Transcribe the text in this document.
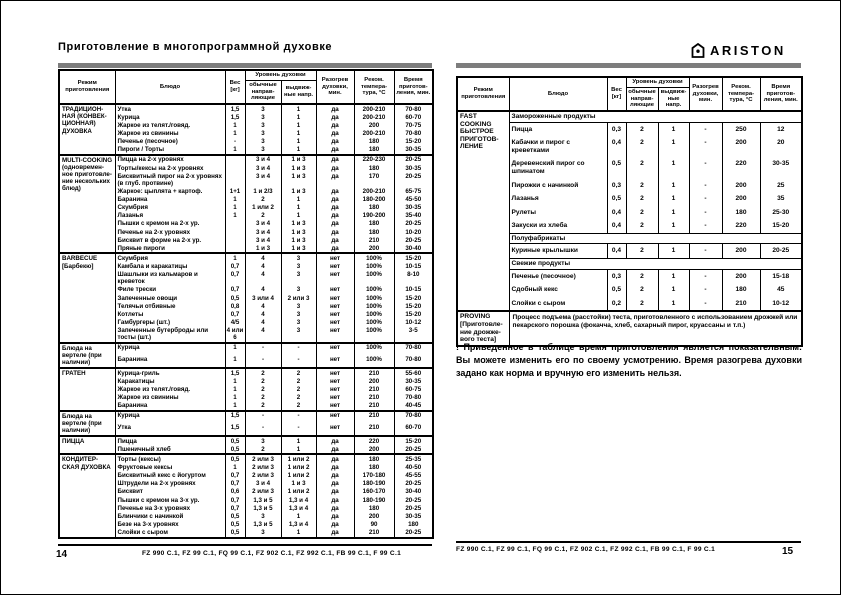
Приготовление в многопрограммной духовке	ARISTON
Режим приготовления	Блюдо	Вес [кг]	Уровень духовки		Разогрев духовки, мин.	Реком. темпера- тура, °C	Время приготов- ления, мин.
			обычные направ- ляющие	выдвиж- ные напр.			
ТРАДИЦИОН-НАЯ (КОНВЕК-ЦИОННАЯ) ДУХОВКА	Утка	1,5	3	1	да	200-210	70-80
	Курица	1,5	3	1	да	200-210	60-70
	Жаркое из телят./говяд.	1	3	1	да	200	70-75
	Жаркое из свинины	1	3	1	да	200-210	70-80
	Печенье (песочное)	-	3	1	да	180	15-20
	Пироги / Торты	1	3	1	да	180	30-35
MULTI-COOKING (одновремен- ное приготовле- ние нескольких блюд)	Пицца на 2-х уровнях		3 и 4	1 и 3	да	220-230	20-25
	Торты/кексы на 2-х уровнях		3 и 4	1 и 3	да	180	30-35
	Бисквитный пирог на 2-х уровнях (в глуб. протвине)		3 и 4	1 и 3	да	170	20-25
	Жаркое: цыплята + картоф.	1+1	1 и 2/3	1 и 3	да	200-210	65-75
	Баранина	1	2	1	да	180-200	45-50
	Скумбрия	1	1 или 2	1	да	180	30-35
	Лазанья	1	2	1	да	190-200	35-40
	Пышки с кремом на 2-х ур.		3 и 4	1 и 3	да	180	20-25
	Печенье на 2-х уровнях		3 и 4	1 и 3	да	180	10-20
	Бисквит в форме на 2-х ур.		3 и 4	1 и 3	да	210	20-25
	Пряные пироги		1 и 3	1 и 3	да	200	30-40
BARBECUE [Барбекю]	Скумбрия	1	4	3	нет	100%	15-20
	Камбала и каракатицы	0,7	4	3	нет	100%	10-15
	Шашлыки из кальмаров и креветок	0,7	4	3	нет	100%	8-10
	Филе трески	0,7	4	3	нет	100%	10-15
	Запеченные овощи	0,5	3 или 4	2 или 3	нет	100%	15-20
	Телячьи отбивные	0,8	4	3	нет	100%	15-20
	Котлеты	0,7	4	3	нет	100%	15-20
	Гамбургеры (шт.)	4/5	4	3	нет	100%	10-12
	Запеченные бутерброды или тосты (шт.)	4 или 6	4	3	нет	100%	3-5
Блюда на вертеле (при наличии)	Курица	1	-	-	нет	100%	70-80
	Баранина	1	-	-	нет	100%	70-80
ГРАТЕН	Курица-гриль	1,5	2	2	нет	210	55-60
	Каракатицы	1	2	2	нет	200	30-35
	Жаркое из телят./говяд.	1	2	2	нет	210	60-75
	Жаркое из свинины	1	2	2	нет	210	70-80
	Баранина	1	2	2	нет	210	40-45
Блюда на вертеле (при наличии)	Курица	1,5	-	-	нет	210	70-80
	Утка	1,5	-	-	нет	210	60-70
ПИЦЦА	Пицца	0,5	3	1	да	220	15-20
	Пшеничный хлеб	0,5	2	1	да	200	20-25
КОНДИТЕР-СКАЯ ДУХОВКА	Торты (кексы)	0,5	2 или 3	1 или 2	да	180	25-35
	Фруктовые кексы	1	2 или 3	1 или 2	да	180	40-50
	Бисквитный кекс с йогуртом	0,7	2 или 3	1 или 2	да	170-180	45-55
	Штрудели на 2-х уровнях	0,7	3 и 4	1 и 3	да	180-190	20-25
	Бисквит	0,6	2 или 3	1 или 2	да	160-170	30-40
	Пышки с кремом на 3-х ур.	0,7	1,3 и 5	1,3 и 4	да	180-190	20-25
	Печенье на 3-х уровнях	0,7	1,3 и 5	1,3 и 4	да	180	20-25
	Блинчики с начинкой	0,5	3	1	да	200	30-35
	Безе на 3-х уровнях	0,5	1,3 и 5	1,3 и 4	да	90	180
	Слойки с сыром	0,5	3	1	да	210	20-25
Режим приготовления	Блюдо	Вес [кг]	Уровень духовки		Разогрев духовки, мин.	Реком. темпера- тура, °C	Время приготов- ления, мин.
			обычные направ- ляющие	выдвиж- ные напр.			
FAST COOKING БЫСТРОЕ ПРИГОТОВ- ЛЕНИЕ	Замороженные продукты						
	Пицца	0,3	2	1	-	250	12
	Кабачки и пирог с креветками	0,4	2	1	-	200	20
	Деревенский пирог со шпинатом	0,5	2	1	-	220	30-35
	Пирожки с начинкой	0,3	2	1	-	200	25
	Лазанья	0,5	2	1	-	200	35
	Рулеты	0,4	2	1	-	180	25-30
	Закуски из хлеба	0,4	2	1	-	220	15-20
	Полуфабрикаты						
	Куриные крылышки	0,4	2	1	-	200	20-25
	Свежие продукты						
	Печенье (песочное)	0,3	2	1	-	200	15-18
	Сдобный кекс	0,5	2	1	-	180	45
	Слойки с сыром	0,2	2	1	-	210	10-12
PROVING [Приготовле- ние дрожже- вого теста]	Процесс подъема (расстойки) теста, приготовленного с использованием дрожжей или пекарского порошка (фокачча, хлеб, сахарный пирог, круассаны и т.п.)						
! Приведенное в таблице время приготовления является показательным: Вы можете изменить его по своему усмотрению. Время разогрева духовки задано как норма и вручную его изменить нельзя.
14	FZ 990 C.1, FZ 99 C.1, FQ 99 C.1, FZ 902 C.1, FZ 992 C.1, FB 99 C.1, F 99 C.1
FZ 990 C.1, FZ 99 C.1, FQ 99 C.1, FZ 902 C.1, FZ 992 C.1, FB 99 C.1, F 99 C.1	15
